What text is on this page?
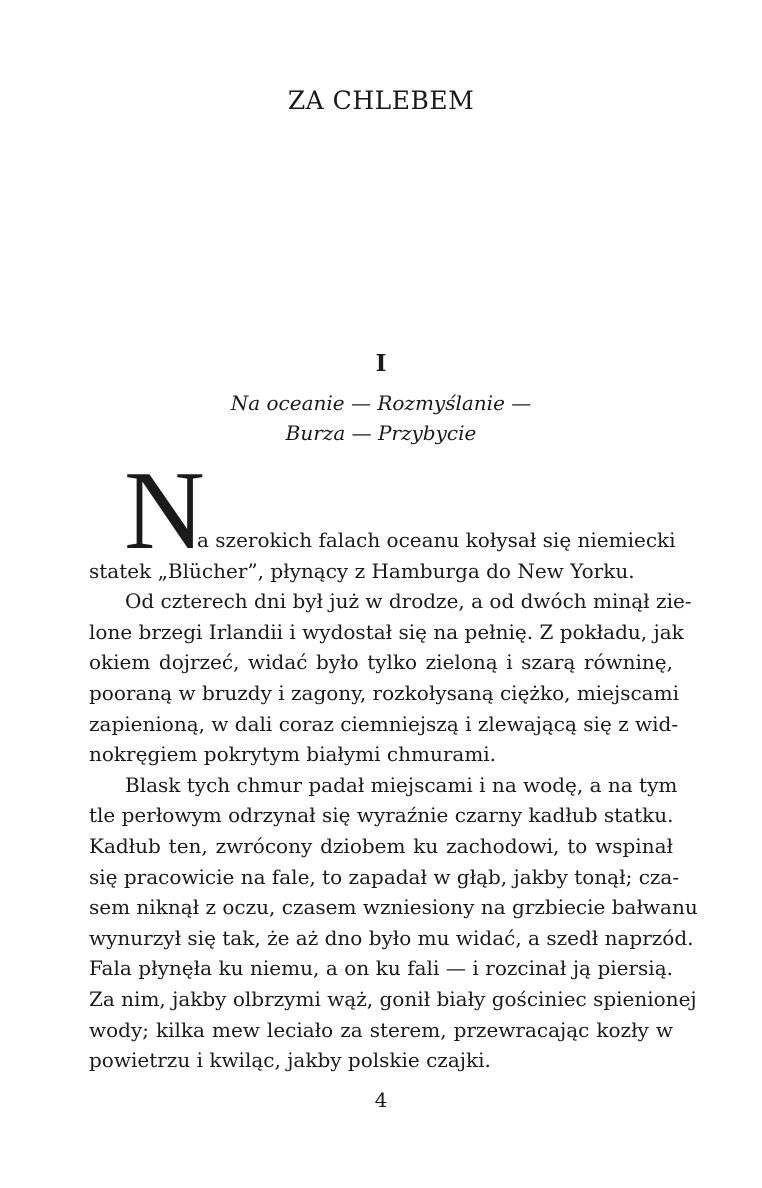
ZA CHLEBEM
I
Na oceanie — Rozmyślanie —
Burza — Przybycie
N
a szerokich falach oceanu kołysał się niemiecki
statek „Blücher”, płynący z Hamburga do New Yorku.
Od czterech dni był już w drodze, a od dwóch minął zie-
lone brzegi Irlandii i wydostał się na pełnię. Z pokładu, jak
okiem dojrzeć, widać było tylko zieloną i szarą równinę,
pooraną w bruzdy i zagony, rozkołysaną ciężko, miejscami
zapienioną, w dali coraz ciemniejszą i zlewającą się z wid-
nokręgiem pokrytym białymi chmurami.
Blask tych chmur padał miejscami i na wodę, a na tym
tle perłowym odrzynał się wyraźnie czarny kadłub statku.
Kadłub ten, zwrócony dziobem ku zachodowi, to wspinał
się pracowicie na fale, to zapadał w głąb, jakby tonął; cza-
sem niknął z oczu, czasem wzniesiony na grzbiecie bałwanu
wynurzył się tak, że aż dno było mu widać, a szedł naprzód.
Fala płynęła ku niemu, a on ku fali — i rozcinał ją piersią.
Za nim, jakby olbrzymi wąż, gonił biały gościniec spienionej
wody; kilka mew leciało za sterem, przewracając kozły w
powietrzu i kwiląc, jakby polskie czajki.
4
